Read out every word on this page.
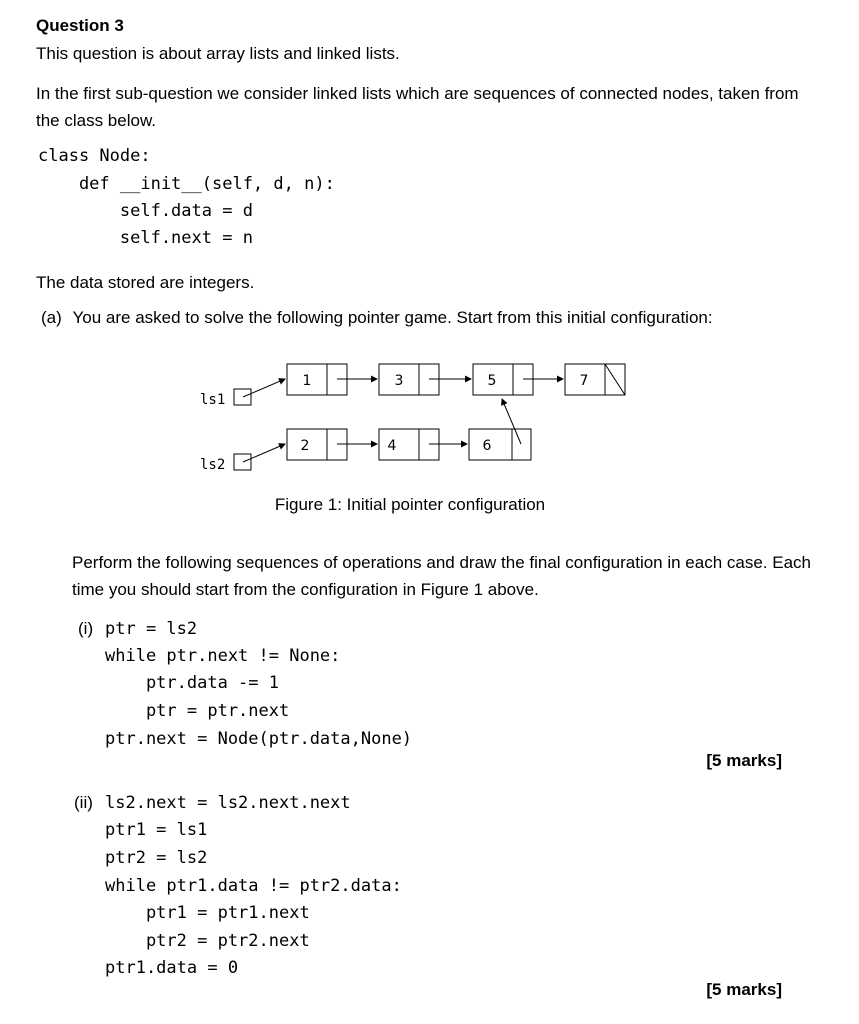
Question 3
This question is about array lists and linked lists.
In the first sub-question we consider linked lists which are sequences of connected nodes, taken from the class below.
class Node:
def __init__(self, d, n):
self.data = d
self.next = n
The data stored are integers.
(a) You are asked to solve the following pointer game. Start from this initial configuration:
ls1
ls2
1	3	5	7
2	4	6
Figure 1: Initial pointer configuration
Perform the following sequences of operations and draw the final configuration in each case. Each time you should start from the configuration in Figure 1 above.
(i) ptr = ls2
while ptr.next != None:
ptr.data -= 1
ptr = ptr.next
ptr.next = Node(ptr.data,None)
[5 marks]
(ii) ls2.next = ls2.next.next
ptr1 = ls1
ptr2 = ls2
while ptr1.data != ptr2.data:
ptr1 = ptr1.next
ptr2 = ptr2.next
ptr1.data = 0
[5 marks]
